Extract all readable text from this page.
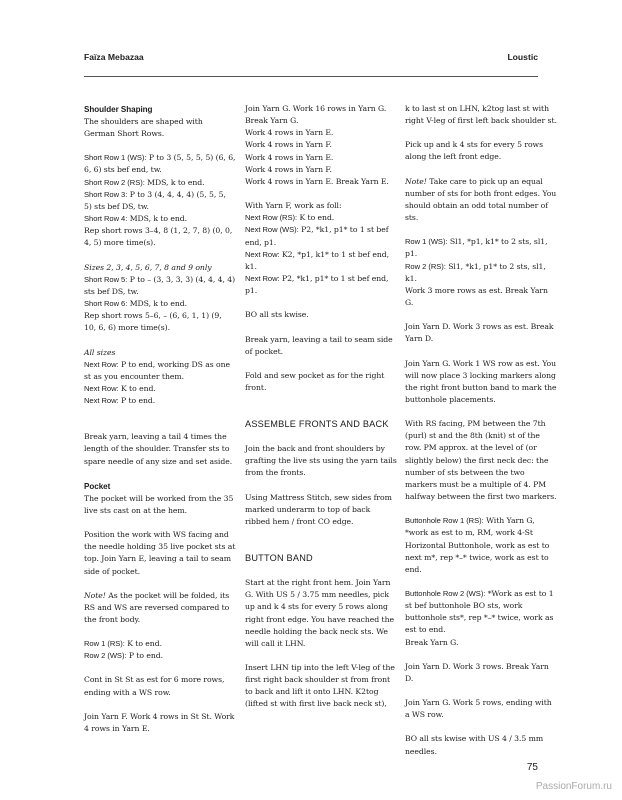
Faïza Mebazaa	Loustic

Shoulder Shaping

The shoulders are shaped with German Short Rows.

Short Row 1 (WS): P to 3 (5, 5, 5, 5) (6, 6, 6, 6) sts bef end, tw.

Short Row 2 (RS): MDS, k to end.

Short Row 3: P to 3 (4, 4, 4, 4) (5, 5, 5, 5) sts bef DS, tw.

Short Row 4: MDS, k to end.

Rep short rows 3–4, 8 (1, 2, 7, 8) (0, 0, 4, 5) more time(s).

Sizes 2, 3, 4, 5, 6, 7, 8 and 9 only

Short Row 5: P to – (3, 3, 3, 3) (4, 4, 4, 4) sts bef DS, tw.

Short Row 6: MDS, k to end.

Rep short rows 5–6, – (6, 6, 1, 1) (9, 10, 6, 6) more time(s).

All sizes

Next Row: P to end, working DS as one st as you encounter them.

Next Row: K to end.

Next Row: P to end.

Break yarn, leaving a tail 4 times the length of the shoulder. Transfer sts to spare needle of any size and set aside.

Pocket

The pocket will be worked from the 35 live sts cast on at the hem.

Position the work with WS facing and the needle holding 35 live pocket sts at top. Join Yarn E, leaving a tail to seam side of pocket.

Note! As the pocket will be folded, its RS and WS are reversed compared to the front body.

Row 1 (RS): K to end.

Row 2 (WS): P to end.

Cont in St St as est for 6 more rows, ending with a WS row.

Join Yarn F. Work 4 rows in St St. Work 4 rows in Yarn E.

Join Yarn G. Work 16 rows in Yarn G. Break Yarn G.

Work 4 rows in Yarn E.

Work 4 rows in Yarn F.

Work 4 rows in Yarn E.

Work 4 rows in Yarn F.

Work 4 rows in Yarn E. Break Yarn E.

With Yarn F, work as foll:

Next Row (RS): K to end.

Next Row (WS): P2, *k1, p1* to 1 st bef end, p1.

Next Row: K2, *p1, k1* to 1 st bef end, k1.

Next Row: P2, *k1, p1* to 1 st bef end, p1.

BO all sts kwise.

Break yarn, leaving a tail to seam side of pocket.

Fold and sew pocket as for the right front.

ASSEMBLE FRONTS AND BACK

Join the back and front shoulders by grafting the live sts using the yarn tails from the fronts.

Using Mattress Stitch, sew sides from marked underarm to top of back ribbed hem / front CO edge.

BUTTON BAND

Start at the right front hem. Join Yarn G. With US 5 / 3.75 mm needles, pick up and k 4 sts for every 5 rows along right front edge. You have reached the needle holding the back neck sts. We will call it LHN.

Insert LHN tip into the left V-leg of the first right back shoulder st from front to back and lift it onto LHN. K2tog (lifted st with first live back neck st),

k to last st on LHN, k2tog last st with right V-leg of first left back shoulder st.

Pick up and k 4 sts for every 5 rows along the left front edge.

Note! Take care to pick up an equal number of sts for both front edges. You should obtain an odd total number of sts.

Row 1 (WS): Sl1, *p1, k1* to 2 sts, sl1, p1.

Row 2 (RS): Sl1, *k1, p1* to 2 sts, sl1, k1.

Work 3 more rows as est. Break Yarn G.

Join Yarn D. Work 3 rows as est. Break Yarn D.

Join Yarn G. Work 1 WS row as est. You will now place 3 locking markers along the right front button band to mark the buttonhole placements.

With RS facing, PM between the 7th (purl) st and the 8th (knit) st of the row. PM approx. at the level of (or slightly below) the first neck dec: the number of sts between the two markers must be a multiple of 4. PM halfway between the first two markers.

Buttonhole Row 1 (RS): With Yarn G, *work as est to m, RM, work 4-St Horizontal Buttonhole, work as est to next m*, rep *–* twice, work as est to end.

Buttonhole Row 2 (WS): *Work as est to 1 st bef buttonhole BO sts, work buttonhole sts*, rep *–* twice, work as est to end.

Break Yarn G.

Join Yarn D. Work 3 rows. Break Yarn D.

Join Yarn G. Work 5 rows, ending with a WS row.

BO all sts kwise with US 4 / 3.5 mm needles.

75
PassionForum.ru
